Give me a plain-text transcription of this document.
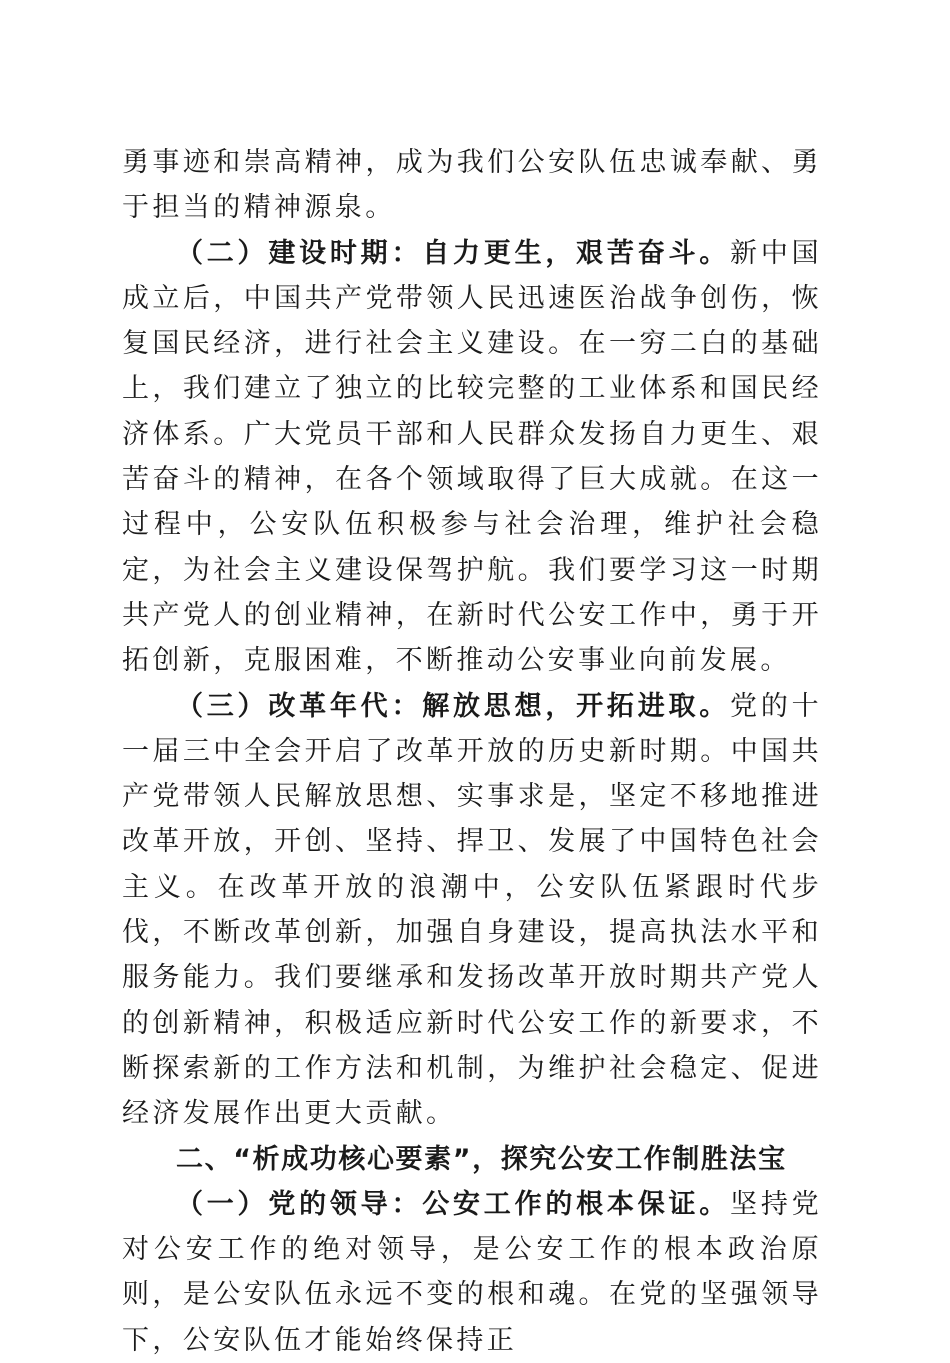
勇事迹和崇高精神，成为我们公安队伍忠诚奉献、勇于担当的精神源泉。

（二）建设时期：自力更生，艰苦奋斗。新中国成立后，中国共产党带领人民迅速医治战争创伤，恢复国民经济，进行社会主义建设。在一穷二白的基础上，我们建立了独立的比较完整的工业体系和国民经济体系。广大党员干部和人民群众发扬自力更生、艰苦奋斗的精神，在各个领域取得了巨大成就。在这一过程中，公安队伍积极参与社会治理，维护社会稳定，为社会主义建设保驾护航。我们要学习这一时期共产党人的创业精神，在新时代公安工作中，勇于开拓创新，克服困难，不断推动公安事业向前发展。

（三）改革年代：解放思想，开拓进取。党的十一届三中全会开启了改革开放的历史新时期。中国共产党带领人民解放思想、实事求是，坚定不移地推进改革开放，开创、坚持、捍卫、发展了中国特色社会主义。在改革开放的浪潮中，公安队伍紧跟时代步伐，不断改革创新，加强自身建设，提高执法水平和服务能力。我们要继承和发扬改革开放时期共产党人的创新精神，积极适应新时代公安工作的新要求，不断探索新的工作方法和机制，为维护社会稳定、促进经济发展作出更大贡献。

二、“析成功核心要素”，探究公安工作制胜法宝

（一）党的领导：公安工作的根本保证。坚持党对公安工作的绝对领导，是公安工作的根本政治原则，是公安队伍永远不变的根和魂。在党的坚强领导下，公安队伍才能始终保持正
